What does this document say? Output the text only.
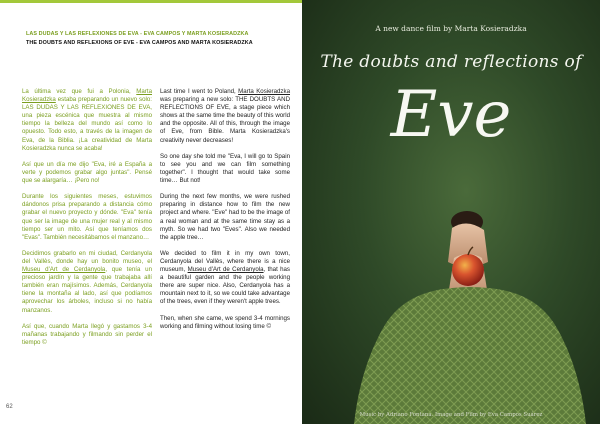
LAS DUDAS Y LAS REFLEXIONES DE EVA - EVA CAMPOS Y MARTA KOSIERADZKA
THE DOUBTS AND REFLEXIONS OF EVE - EVA CAMPOS AND MARTA KOSIERADZKA

La última vez que fui a Polonia, Marta Kosieradzka estaba preparando un nuevo solo: LAS DUDAS Y LAS REFLEXIONES DE EVA, una pieza escénica que muestra al mismo tiempo la belleza del mundo así como lo opuesto. Todo esto, a través de la imagen de Eva, de la Biblia. ¡La creatividad de Marta Kosieradzka nunca se acaba!

Así que un día me dijo "Eva, iré a España a verte y podemos grabar algo juntas". Pensé que se alargaría… ¡Pero no!

Durante los siguientes meses, estuvimos dándonos prisa preparando a distancia cómo grabar el nuevo proyecto y dónde. "Eva" tenía que ser la image de una mujer real y al mismo tiempo ser un mito. Así que teníamos dos "Evas". También necesitábamos el manzano…

Decidimos grabarlo en mi ciudad, Cerdanyola del Vallès, donde hay un bonito museo, el Museu d'Art de Cerdanyola, que tenía un precioso jardín y la gente que trabajaba allí también eran majísimos. Además, Cerdanyola tiene la montaña al lado, así que podíamos aprovechar los árboles, incluso si no había manzanos.

Así que, cuando Marta llegó y gastamos 3-4 mañanas trabajando y filmando sin perder el tiempo ©

Last time I went to Poland, Marta Kosieradzka was preparing a new solo: THE DOUBTS AND REFLECTIONS OF EVE, a stage piece which shows at the same time the beauty of this world and the opposite. All of this, through the image of Eve, from Bible. Marta Kosieradzka's creativity never decreases!

So one day she told me "Eva, I will go to Spain to see you and we can film something together". I thought that would take some time… But not!

During the next few months, we were rushed preparing in distance how to film the new project and where. "Eve" had to be the image of a real woman and at the same time stay as a myth. So we had two "Eves". Also we needed the apple tree…

We decided to film it in my own town, Cerdanyola del Vallès, where there is a nice museum, Museu d'Art de Cerdanyola, that has a beautiful garden and the people working there are super nice. Also, Cerdanyola has a mountain next to it, so we could take advantage of the trees, even if they weren't apple trees.

Then, when she came, we spend 3-4 mornings working and filming without losing time ©

62
A new dance film by Marta Kosieradzka
The doubts and reflections of
Eve
Music by Adriano Fontana. Image and Film by Eva Campos Suárez
